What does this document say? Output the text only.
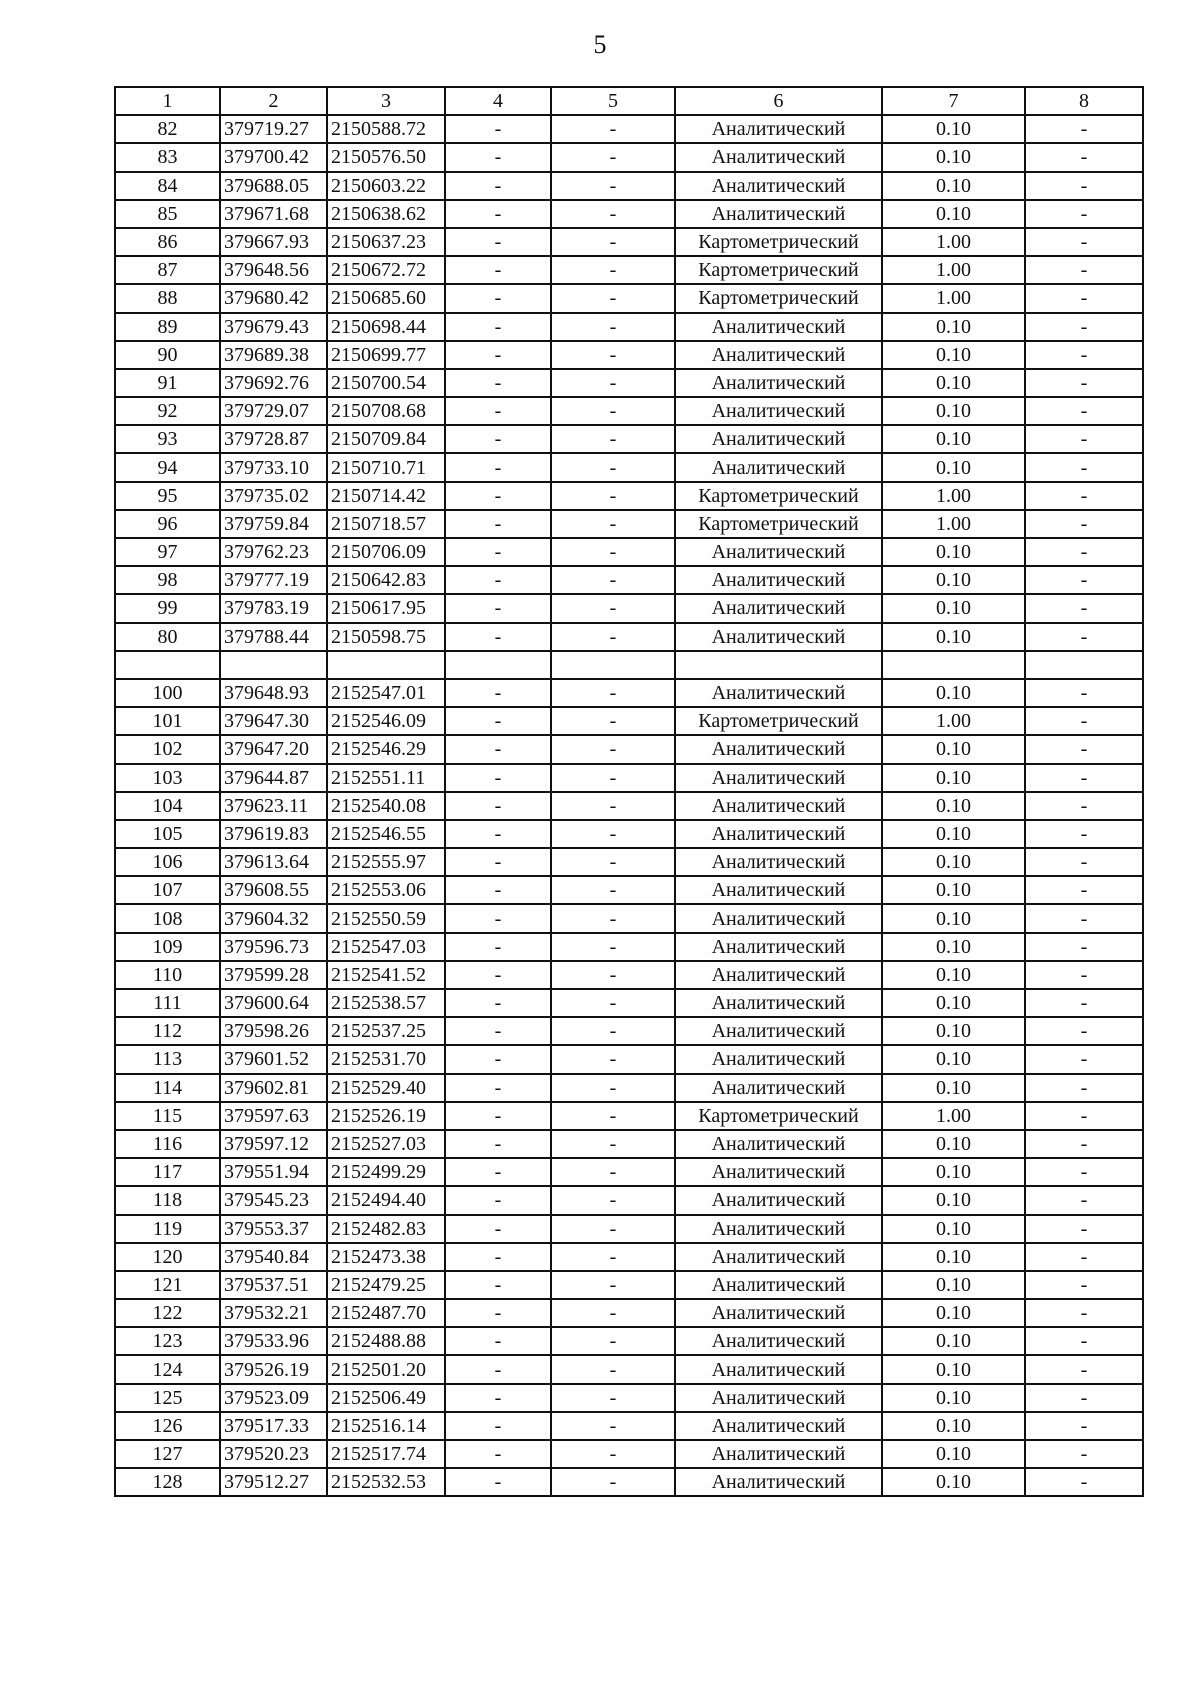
5
1	2	3	4	5	6	7	8
82	379719.27	2150588.72	-	-	Аналитический	0.10	-
83	379700.42	2150576.50	-	-	Аналитический	0.10	-
84	379688.05	2150603.22	-	-	Аналитический	0.10	-
85	379671.68	2150638.62	-	-	Аналитический	0.10	-
86	379667.93	2150637.23	-	-	Картометрический	1.00	-
87	379648.56	2150672.72	-	-	Картометрический	1.00	-
88	379680.42	2150685.60	-	-	Картометрический	1.00	-
89	379679.43	2150698.44	-	-	Аналитический	0.10	-
90	379689.38	2150699.77	-	-	Аналитический	0.10	-
91	379692.76	2150700.54	-	-	Аналитический	0.10	-
92	379729.07	2150708.68	-	-	Аналитический	0.10	-
93	379728.87	2150709.84	-	-	Аналитический	0.10	-
94	379733.10	2150710.71	-	-	Аналитический	0.10	-
95	379735.02	2150714.42	-	-	Картометрический	1.00	-
96	379759.84	2150718.57	-	-	Картометрический	1.00	-
97	379762.23	2150706.09	-	-	Аналитический	0.10	-
98	379777.19	2150642.83	-	-	Аналитический	0.10	-
99	379783.19	2150617.95	-	-	Аналитический	0.10	-
80	379788.44	2150598.75	-	-	Аналитический	0.10	-

100	379648.93	2152547.01	-	-	Аналитический	0.10	-
101	379647.30	2152546.09	-	-	Картометрический	1.00	-
102	379647.20	2152546.29	-	-	Аналитический	0.10	-
103	379644.87	2152551.11	-	-	Аналитический	0.10	-
104	379623.11	2152540.08	-	-	Аналитический	0.10	-
105	379619.83	2152546.55	-	-	Аналитический	0.10	-
106	379613.64	2152555.97	-	-	Аналитический	0.10	-
107	379608.55	2152553.06	-	-	Аналитический	0.10	-
108	379604.32	2152550.59	-	-	Аналитический	0.10	-
109	379596.73	2152547.03	-	-	Аналитический	0.10	-
110	379599.28	2152541.52	-	-	Аналитический	0.10	-
111	379600.64	2152538.57	-	-	Аналитический	0.10	-
112	379598.26	2152537.25	-	-	Аналитический	0.10	-
113	379601.52	2152531.70	-	-	Аналитический	0.10	-
114	379602.81	2152529.40	-	-	Аналитический	0.10	-
115	379597.63	2152526.19	-	-	Картометрический	1.00	-
116	379597.12	2152527.03	-	-	Аналитический	0.10	-
117	379551.94	2152499.29	-	-	Аналитический	0.10	-
118	379545.23	2152494.40	-	-	Аналитический	0.10	-
119	379553.37	2152482.83	-	-	Аналитический	0.10	-
120	379540.84	2152473.38	-	-	Аналитический	0.10	-
121	379537.51	2152479.25	-	-	Аналитический	0.10	-
122	379532.21	2152487.70	-	-	Аналитический	0.10	-
123	379533.96	2152488.88	-	-	Аналитический	0.10	-
124	379526.19	2152501.20	-	-	Аналитический	0.10	-
125	379523.09	2152506.49	-	-	Аналитический	0.10	-
126	379517.33	2152516.14	-	-	Аналитический	0.10	-
127	379520.23	2152517.74	-	-	Аналитический	0.10	-
128	379512.27	2152532.53	-	-	Аналитический	0.10	-
